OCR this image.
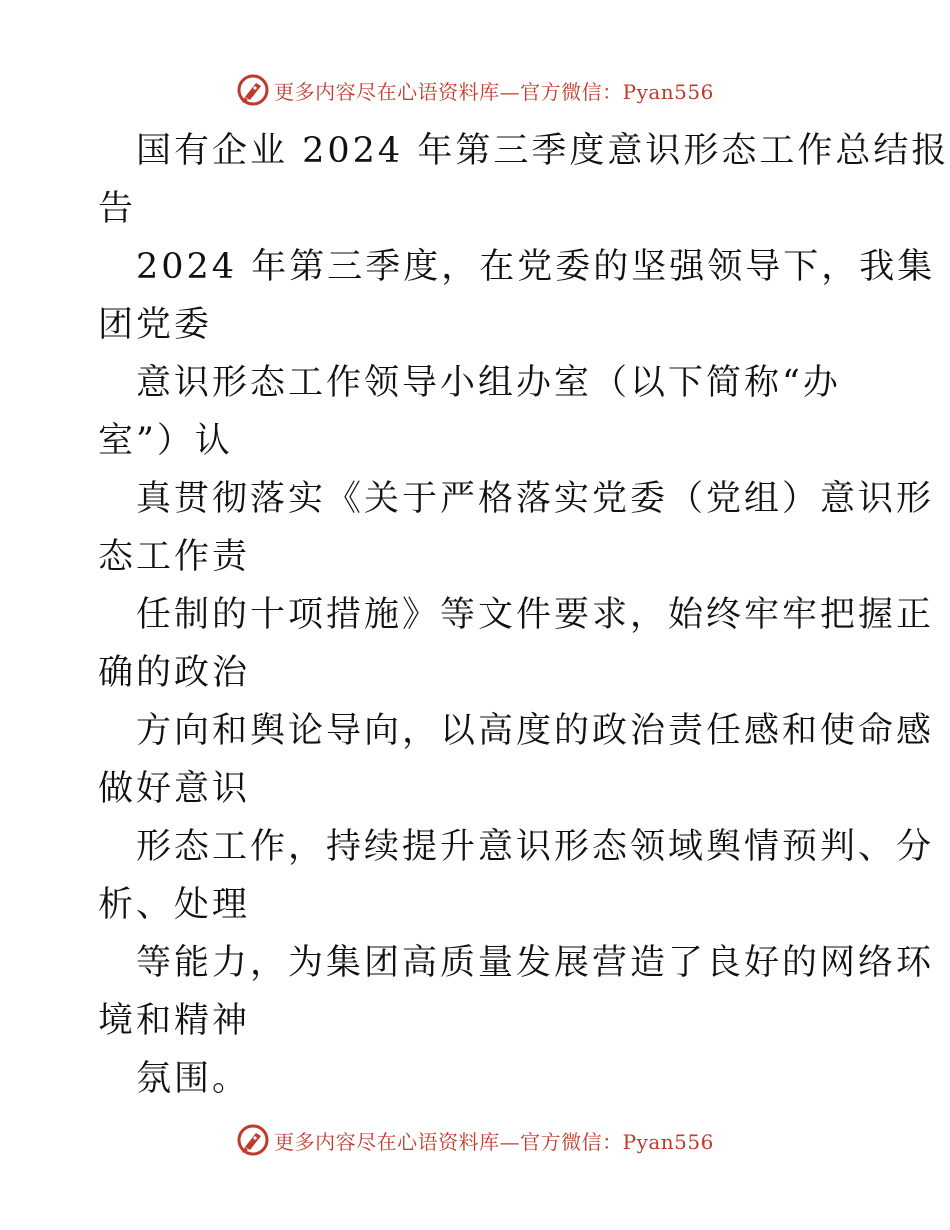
更多内容尽在心语资料库—官方微信：Pyan556
国有企业 2024 年第三季度意识形态工作总结报
告
2024 年第三季度，在党委的坚强领导下，我集
团党委
意识形态工作领导小组办室（以下简称“办
室”）认
真贯彻落实《关于严格落实党委（党组）意识形
态工作责
任制的十项措施》等文件要求，始终牢牢把握正
确的政治
方向和舆论导向，以高度的政治责任感和使命感
做好意识
形态工作，持续提升意识形态领域舆情预判、分
析、处理
等能力，为集团高质量发展营造了良好的网络环
境和精神
氛围。
更多内容尽在心语资料库—官方微信：Pyan556
